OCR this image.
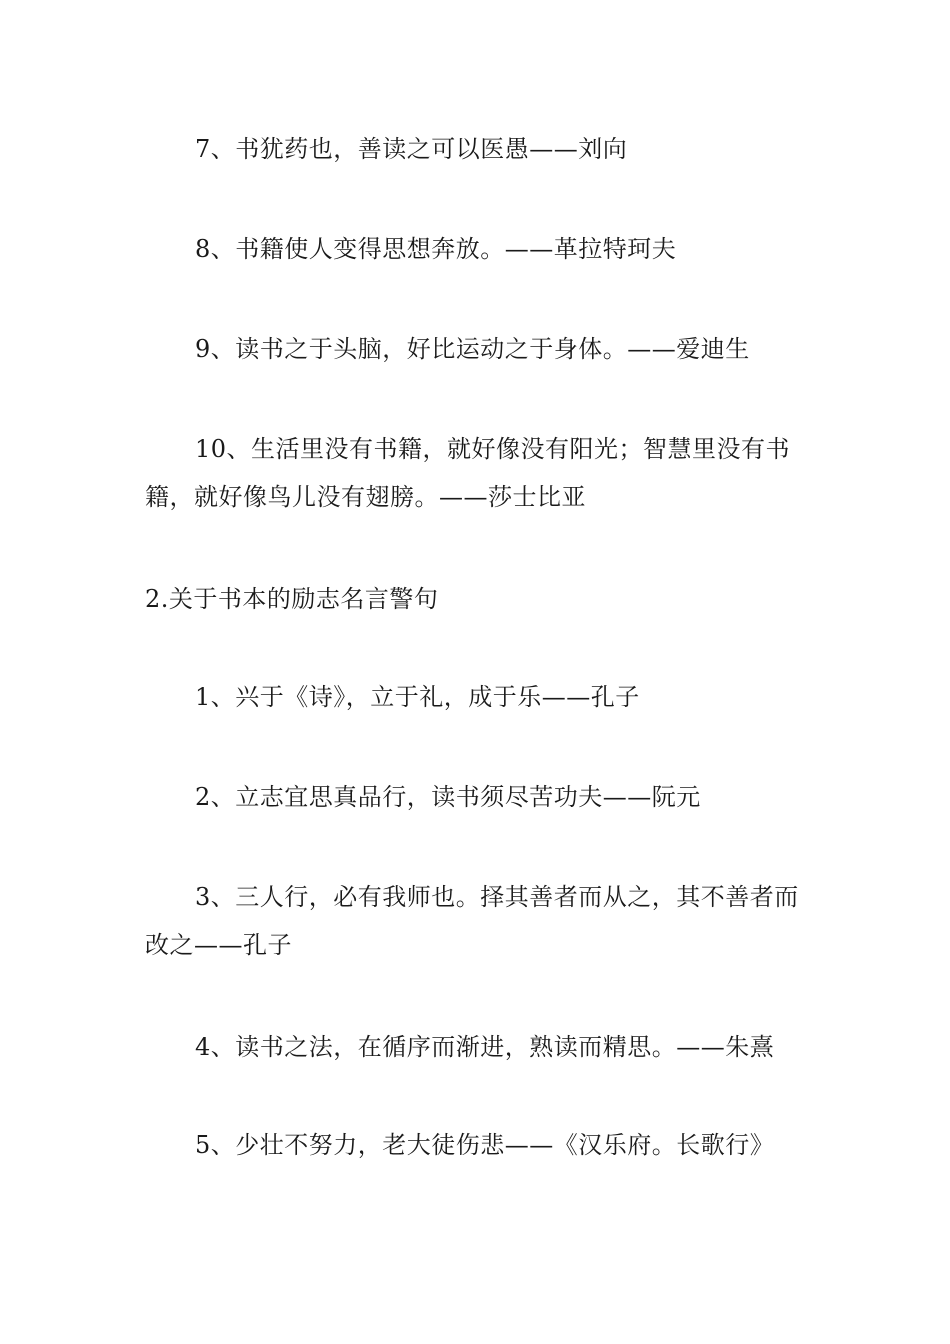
7、书犹药也，善读之可以医愚——刘向

8、书籍使人变得思想奔放。——革拉特珂夫

9、读书之于头脑，好比运动之于身体。——爱迪生

10、生活里没有书籍，就好像没有阳光；智慧里没有书籍，就好像鸟儿没有翅膀。——莎士比亚

2.关于书本的励志名言警句

1、兴于《诗》，立于礼，成于乐——孔子

2、立志宜思真品行，读书须尽苦功夫——阮元

3、三人行，必有我师也。择其善者而从之，其不善者而改之——孔子

4、读书之法，在循序而渐进，熟读而精思。——朱熹

5、少壮不努力，老大徒伤悲——《汉乐府。长歌行》
